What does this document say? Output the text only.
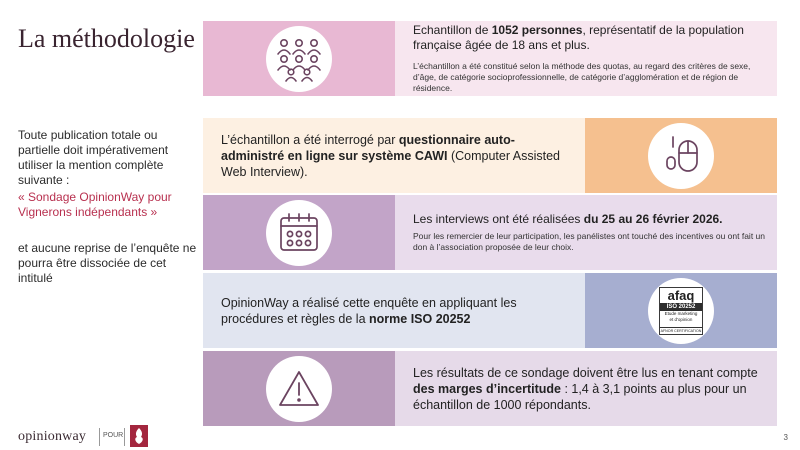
La méthodologie
Toute publication totale ou partielle doit impérativement utiliser la mention complète suivante :
« Sondage OpinionWay pour Vignerons indépendants »
et aucune reprise de l’enquête ne pourra être dissociée de cet intitulé
Echantillon de 1052 personnes, représentatif de la population française âgée de 18 ans et plus.
L’échantillon a été constitué selon la méthode des quotas, au regard des critères de sexe, d’âge, de catégorie socioprofessionnelle, de catégorie d’agglomération et de région de résidence.
L’échantillon a été interrogé par questionnaire auto-administré en ligne sur système CAWI (Computer Assisted Web Interview).
Les interviews ont été réalisées du 25 au 26 février 2026.
Pour les remercier de leur participation, les panélistes ont touché des incentives ou ont fait un don à l’association proposée de leur choix.
afaq
ISO 20252
Etude marketing
et d'opinion
AFNOR CERTIFICATION
OpinionWay a réalisé cette enquête en appliquant les procédures et règles de la norme ISO 20252
Les résultats de ce sondage doivent être lus en tenant compte des marges d’incertitude : 1,4 à 3,1 points au plus pour un échantillon de 1000 répondants.
opinionway POUR	3
